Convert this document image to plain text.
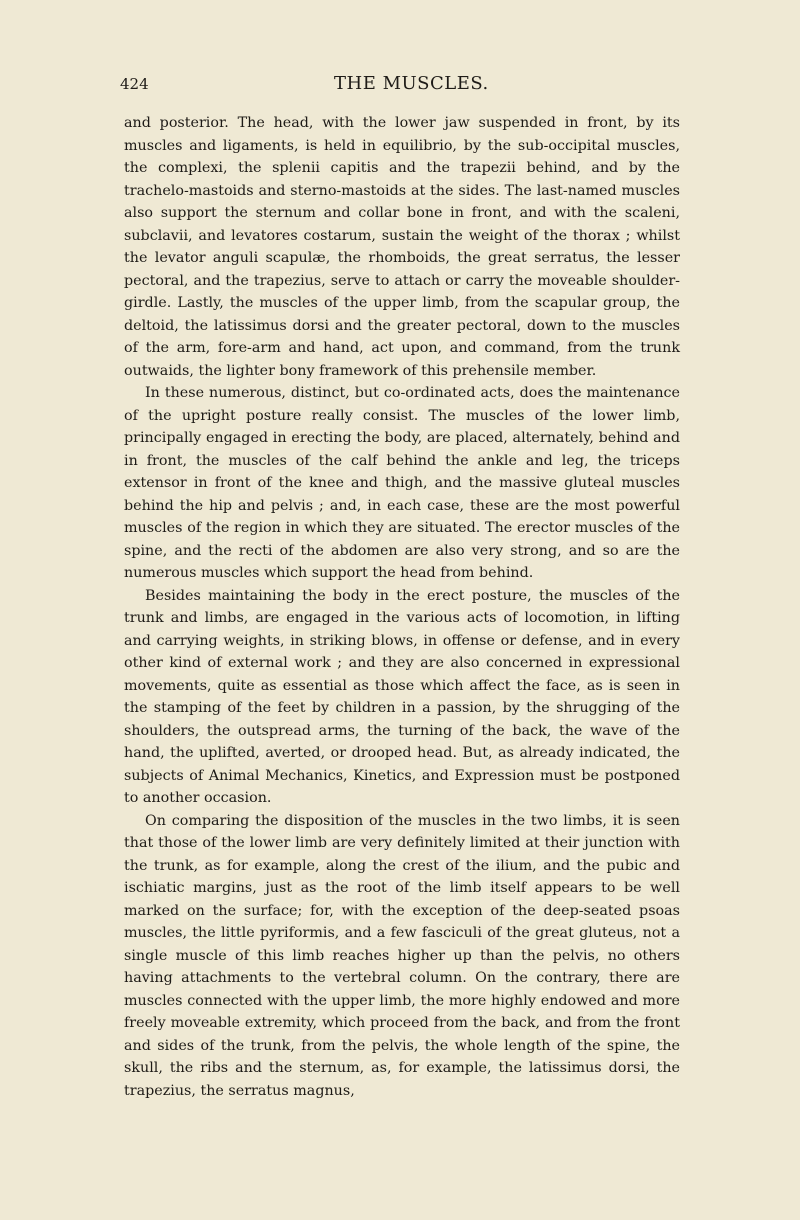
424	THE MUSCLES.

and posterior. The head, with the lower jaw suspended in front, by its muscles and ligaments, is held in equilibrio, by the sub-occipital muscles, the complexi, the splenii capitis and the trapezii behind, and by the trachelo-mastoids and sterno-mastoids at the sides. The last-named muscles also support the sternum and collar bone in front, and with the scaleni, subclavii, and levatores costarum, sustain the weight of the thorax ; whilst the levator anguli scapulæ, the rhomboids, the great serratus, the lesser pectoral, and the trapezius, serve to attach or carry the moveable shoulder-girdle. Lastly, the muscles of the upper limb, from the scapular group, the deltoid, the latissimus dorsi and the greater pectoral, down to the muscles of the arm, fore-arm and hand, act upon, and command, from the trunk outwaids, the lighter bony framework of this prehensile member.

In these numerous, distinct, but co-ordinated acts, does the maintenance of the upright posture really consist. The muscles of the lower limb, principally engaged in erecting the body, are placed, alternately, behind and in front, the muscles of the calf behind the ankle and leg, the triceps extensor in front of the knee and thigh, and the massive gluteal muscles behind the hip and pelvis ; and, in each case, these are the most powerful muscles of the region in which they are situated. The erector muscles of the spine, and the recti of the abdomen are also very strong, and so are the numerous muscles which support the head from behind.

Besides maintaining the body in the erect posture, the muscles of the trunk and limbs, are engaged in the various acts of locomotion, in lifting and carrying weights, in striking blows, in offense or defense, and in every other kind of external work ; and they are also concerned in expressional movements, quite as essential as those which affect the face, as is seen in the stamping of the feet by children in a passion, by the shrugging of the shoulders, the outspread arms, the turning of the back, the wave of the hand, the uplifted, averted, or drooped head. But, as already indicated, the subjects of Animal Mechanics, Kinetics, and Expression must be postponed to another occasion.

On comparing the disposition of the muscles in the two limbs, it is seen that those of the lower limb are very definitely limited at their junction with the trunk, as for example, along the crest of the ilium, and the pubic and ischiatic margins, just as the root of the limb itself appears to be well marked on the surface; for, with the exception of the deep-seated psoas muscles, the little pyriformis, and a few fasciculi of the great gluteus, not a single muscle of this limb reaches higher up than the pelvis, no others having attachments to the vertebral column. On the contrary, there are muscles connected with the upper limb, the more highly endowed and more freely moveable extremity, which proceed from the back, and from the front and sides of the trunk, from the pelvis, the whole length of the spine, the skull, the ribs and the sternum, as, for example, the latissimus dorsi, the trapezius, the serratus magnus,
